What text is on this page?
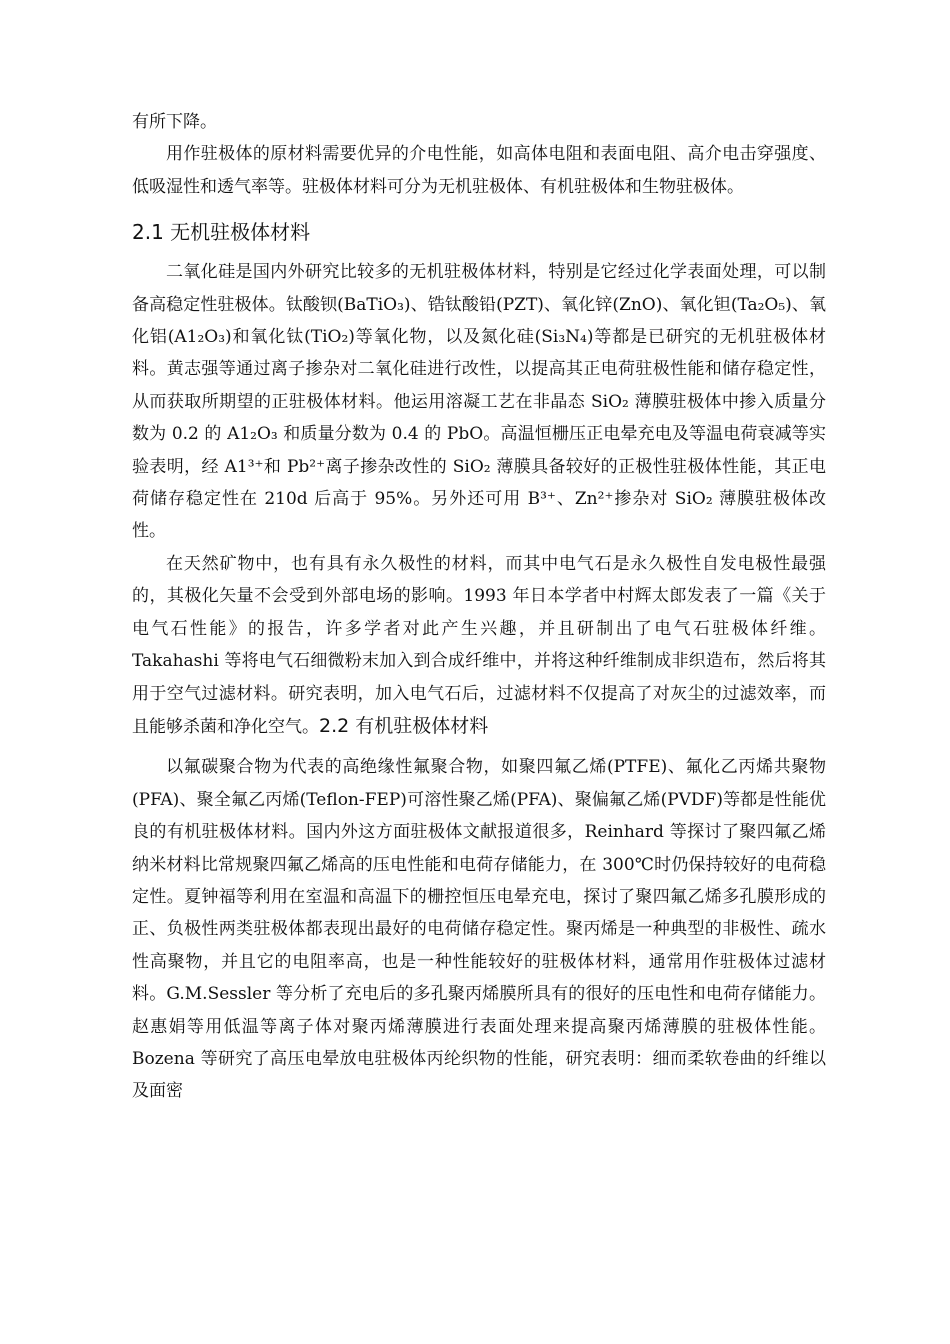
有所下降。

用作驻极体的原材料需要优异的介电性能，如高体电阻和表面电阻、高介电击穿强度、低吸湿性和透气率等。驻极体材料可分为无机驻极体、有机驻极体和生物驻极体。

2.1 无机驻极体材料

二氧化硅是国内外研究比较多的无机驻极体材料，特别是它经过化学表面处理，可以制备高稳定性驻极体。钛酸钡(BaTiO₃)、锆钛酸铅(PZT)、氧化锌(ZnO)、氧化钽(Ta₂O₅)、氧化铝(A1₂O₃)和氧化钛(TiO₂)等氧化物，以及氮化硅(Si₃N₄)等都是已研究的无机驻极体材料。黄志强等通过离子掺杂对二氧化硅进行改性，以提高其正电荷驻极性能和储存稳定性，从而获取所期望的正驻极体材料。他运用溶凝工艺在非晶态 SiO₂ 薄膜驻极体中掺入质量分数为 0.2 的 A1₂O₃ 和质量分数为 0.4 的 PbO。高温恒栅压正电晕充电及等温电荷衰减等实验表明，经 A1³⁺和 Pb²⁺离子掺杂改性的 SiO₂ 薄膜具备较好的正极性驻极体性能，其正电荷储存稳定性在 210d 后高于 95%。另外还可用 B³⁺、Zn²⁺掺杂对 SiO₂ 薄膜驻极体改性。

在天然矿物中，也有具有永久极性的材料，而其中电气石是永久极性自发电极性最强的，其极化矢量不会受到外部电场的影响。1993 年日本学者中村辉太郎发表了一篇《关于电气石性能》的报告，许多学者对此产生兴趣，并且研制出了电气石驻极体纤维。Takahashi 等将电气石细微粉末加入到合成纤维中，并将这种纤维制成非织造布，然后将其用于空气过滤材料。研究表明，加入电气石后，过滤材料不仅提高了对灰尘的过滤效率，而且能够杀菌和净化空气。2.2 有机驻极体材料

以氟碳聚合物为代表的高绝缘性氟聚合物，如聚四氟乙烯(PTFE)、氟化乙丙烯共聚物(PFA)、聚全氟乙丙烯(Teflon-FEP)可溶性聚乙烯(PFA)、聚偏氟乙烯(PVDF)等都是性能优良的有机驻极体材料。国内外这方面驻极体文献报道很多，Reinhard 等探讨了聚四氟乙烯纳米材料比常规聚四氟乙烯高的压电性能和电荷存储能力，在 300℃时仍保持较好的电荷稳定性。夏钟福等利用在室温和高温下的栅控恒压电晕充电，探讨了聚四氟乙烯多孔膜形成的正、负极性两类驻极体都表现出最好的电荷储存稳定性。聚丙烯是一种典型的非极性、疏水性高聚物，并且它的电阻率高，也是一种性能较好的驻极体材料，通常用作驻极体过滤材料。G.M.Sessler 等分析了充电后的多孔聚丙烯膜所具有的很好的压电性和电荷存储能力。赵惠娟等用低温等离子体对聚丙烯薄膜进行表面处理来提高聚丙烯薄膜的驻极体性能。Bozena 等研究了高压电晕放电驻极体丙纶织物的性能，研究表明：细而柔软卷曲的纤维以及面密
